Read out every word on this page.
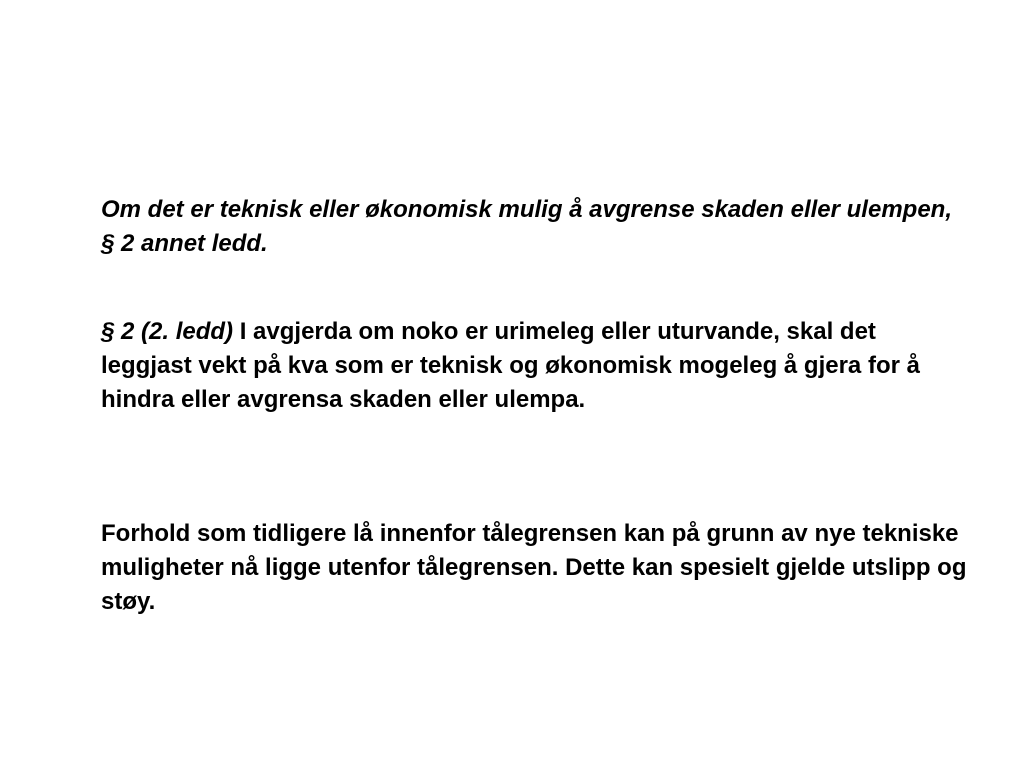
Om det er teknisk eller økonomisk mulig å avgrense skaden eller ulempen, § 2 annet ledd.

§ 2 (2. ledd) I avgjerda om noko er urimeleg eller uturvande, skal det leggjast vekt på kva som er teknisk og økonomisk mogeleg å gjera for å hindra eller avgrensa skaden eller ulempa.

Forhold som tidligere lå innenfor tålegrensen kan på grunn av nye tekniske muligheter nå ligge utenfor tålegrensen. Dette kan spesielt gjelde utslipp og støy.
